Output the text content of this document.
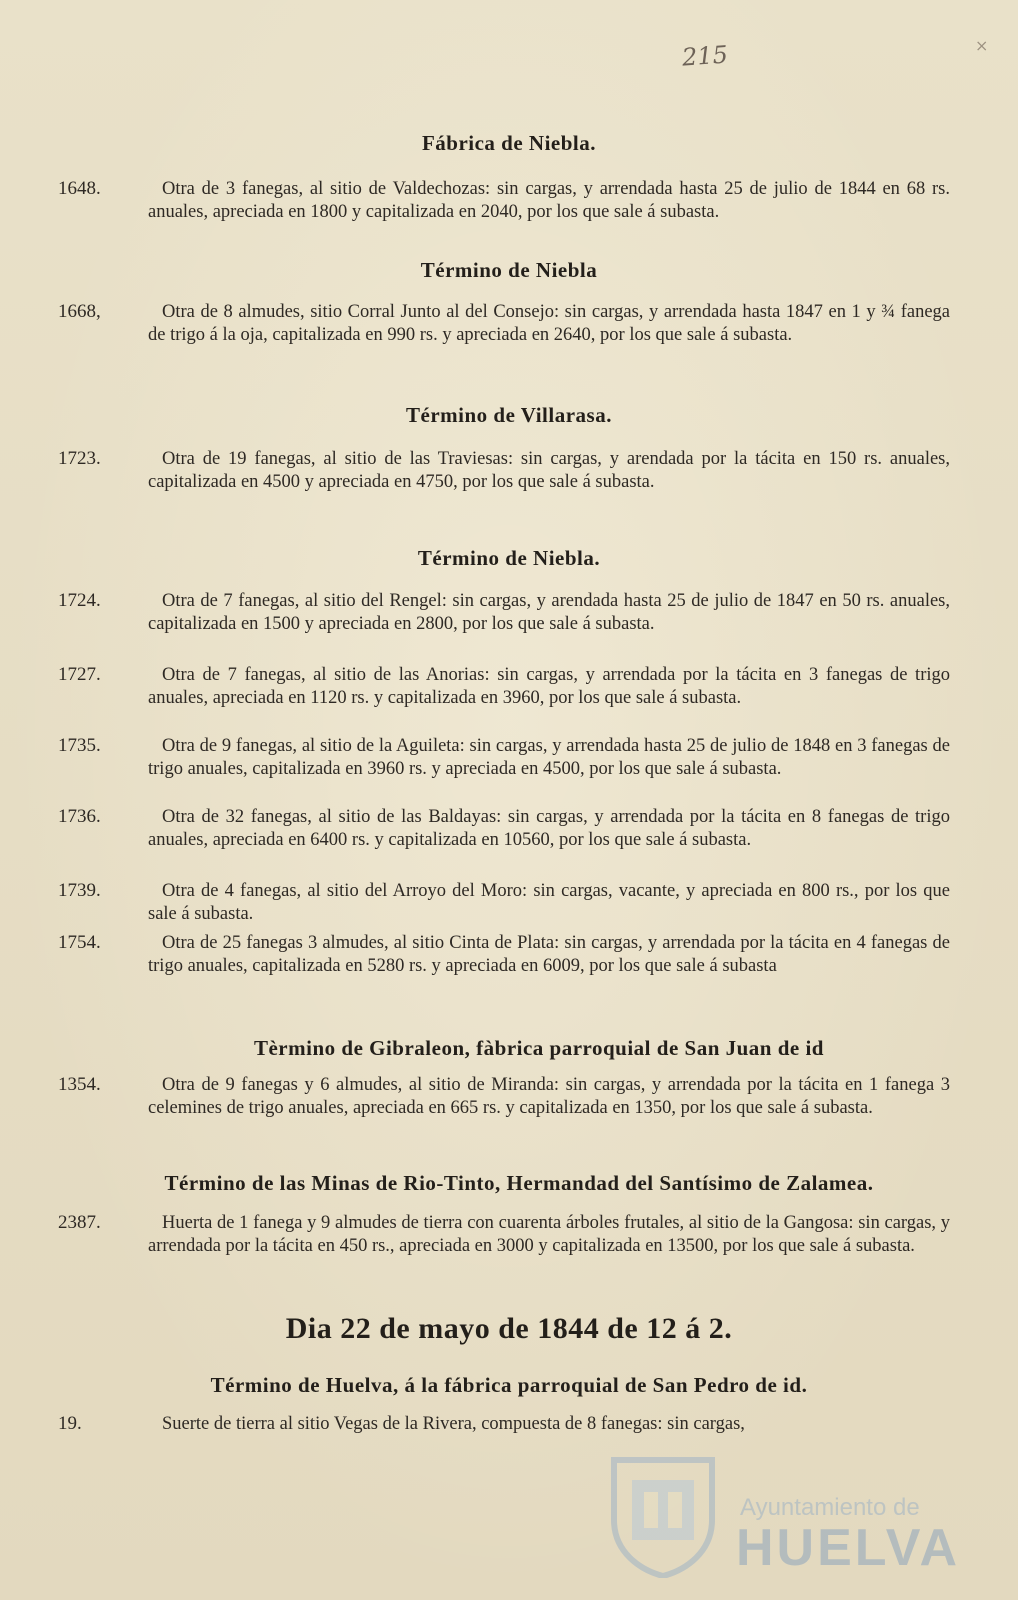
215	×
Fábrica de Niebla.
1648.	Otra de 3 fanegas, al sitio de Valdechozas: sin cargas, y arrendada hasta 25 de julio de 1844 en 68 rs. anuales, apreciada en 1800 y capitalizada en 2040, por los que sale á subasta.
Término de Niebla
1668,	Otra de 8 almudes, sitio Corral Junto al del Consejo: sin cargas, y arrendada hasta 1847 en 1 y ¾ fanega de trigo á la oja, capitalizada en 990 rs. y apreciada en 2640, por los que sale á subasta.
Término de Villarasa.
1723.	Otra de 19 fanegas, al sitio de las Traviesas: sin cargas, y arendada por la tácita en 150 rs. anuales, capitalizada en 4500 y apreciada en 4750, por los que sale á subasta.
Término de Niebla.
1724.	Otra de 7 fanegas, al sitio del Rengel: sin cargas, y arendada hasta 25 de julio de 1847 en 50 rs. anuales, capitalizada en 1500 y apreciada en 2800, por los que sale á subasta.
1727.	Otra de 7 fanegas, al sitio de las Anorias: sin cargas, y arrendada por la tácita en 3 fanegas de trigo anuales, apreciada en 1120 rs. y capitalizada en 3960, por los que sale á subasta.
1735.	Otra de 9 fanegas, al sitio de la Aguileta: sin cargas, y arrendada hasta 25 de julio de 1848 en 3 fanegas de trigo anuales, capitalizada en 3960 rs. y apreciada en 4500, por los que sale á subasta.
1736.	Otra de 32 fanegas, al sitio de las Baldayas: sin cargas, y arrendada por la tácita en 8 fanegas de trigo anuales, apreciada en 6400 rs. y capitalizada en 10560, por los que sale á subasta.
1739.	Otra de 4 fanegas, al sitio del Arroyo del Moro: sin cargas, vacante, y apreciada en 800 rs., por los que sale á subasta.
1754.	Otra de 25 fanegas 3 almudes, al sitio Cinta de Plata: sin cargas, y arrendada por la tácita en 4 fanegas de trigo anuales, capitalizada en 5280 rs. y apreciada en 6009, por los que sale á subasta
Tèrmino de Gibraleon, fàbrica parroquial de San Juan de id
1354.	Otra de 9 fanegas y 6 almudes, al sitio de Miranda: sin cargas, y arrendada por la tácita en 1 fanega 3 celemines de trigo anuales, apreciada en 665 rs. y capitalizada en 1350, por los que sale á subasta.
Término de las Minas de Rio-Tinto, Hermandad del Santísimo de Zalamea.
2387.	Huerta de 1 fanega y 9 almudes de tierra con cuarenta árboles frutales, al sitio de la Gangosa: sin cargas, y arrendada por la tácita en 450 rs., apreciada en 3000 y capitalizada en 13500, por los que sale á subasta.
Dia 22 de mayo de 1844 de 12 á 2.
Término de Huelva, á la fábrica parroquial de San Pedro de id.
19.	Suerte de tierra al sitio Vegas de la Rivera, compuesta de 8 fanegas: sin cargas,
Ayuntamiento de
HUELVA
